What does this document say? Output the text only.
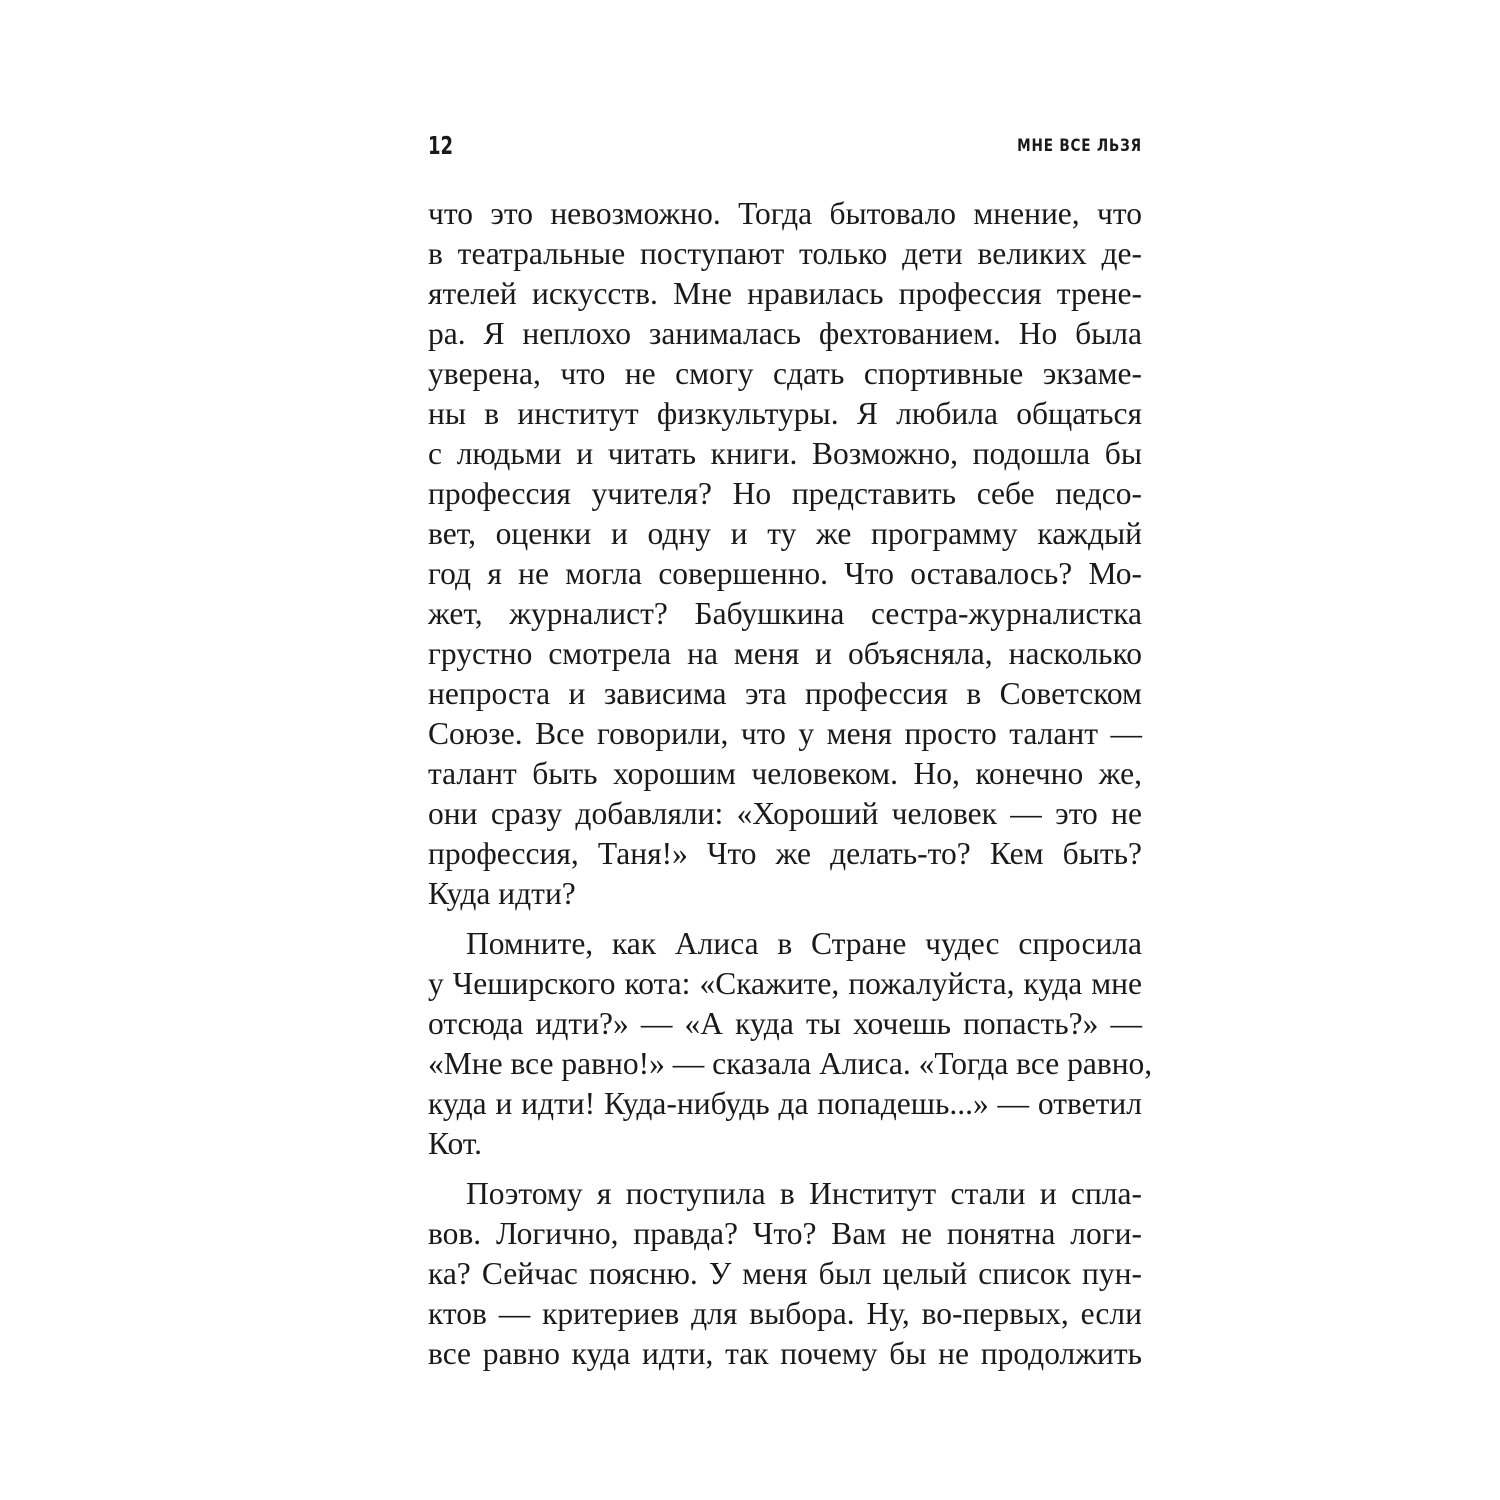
12	МНЕ ВСЕ ЛЬЗЯ
что это невозможно. Тогда бытовало мнение, что
в театральные поступают только дети великих де-
ятелей искусств. Мне нравилась профессия трене-
ра. Я неплохо занималась фехтованием. Но была
уверена, что не смогу сдать спортивные экзаме-
ны в институт физкультуры. Я любила общаться
с людьми и читать книги. Возможно, подошла бы
профессия учителя? Но представить себе педсо-
вет, оценки и одну и ту же программу каждый
год я не могла совершенно. Что оставалось? Мо-
жет, журналист? Бабушкина сестра-журналистка
грустно смотрела на меня и объясняла, насколько
непроста и зависима эта профессия в Советском
Союзе. Все говорили, что у меня просто талант —
талант быть хорошим человеком. Но, конечно же,
они сразу добавляли: «Хороший человек — это не
профессия, Таня!» Что же делать-то? Кем быть?
Куда идти?
Помните, как Алиса в Стране чудес спросила
у Чеширского кота: «Скажите, пожалуйста, куда мне
отсюда идти?» — «А куда ты хочешь попасть?» —
«Мне все равно!» — сказала Алиса. «Тогда все равно,
куда и идти! Куда-нибудь да попадешь...» — ответил
Кот.
Поэтому я поступила в Институт стали и спла-
вов. Логично, правда? Что? Вам не понятна логи-
ка? Сейчас поясню. У меня был целый список пун-
ктов — критериев для выбора. Ну, во-первых, если
все равно куда идти, так почему бы не продолжить
